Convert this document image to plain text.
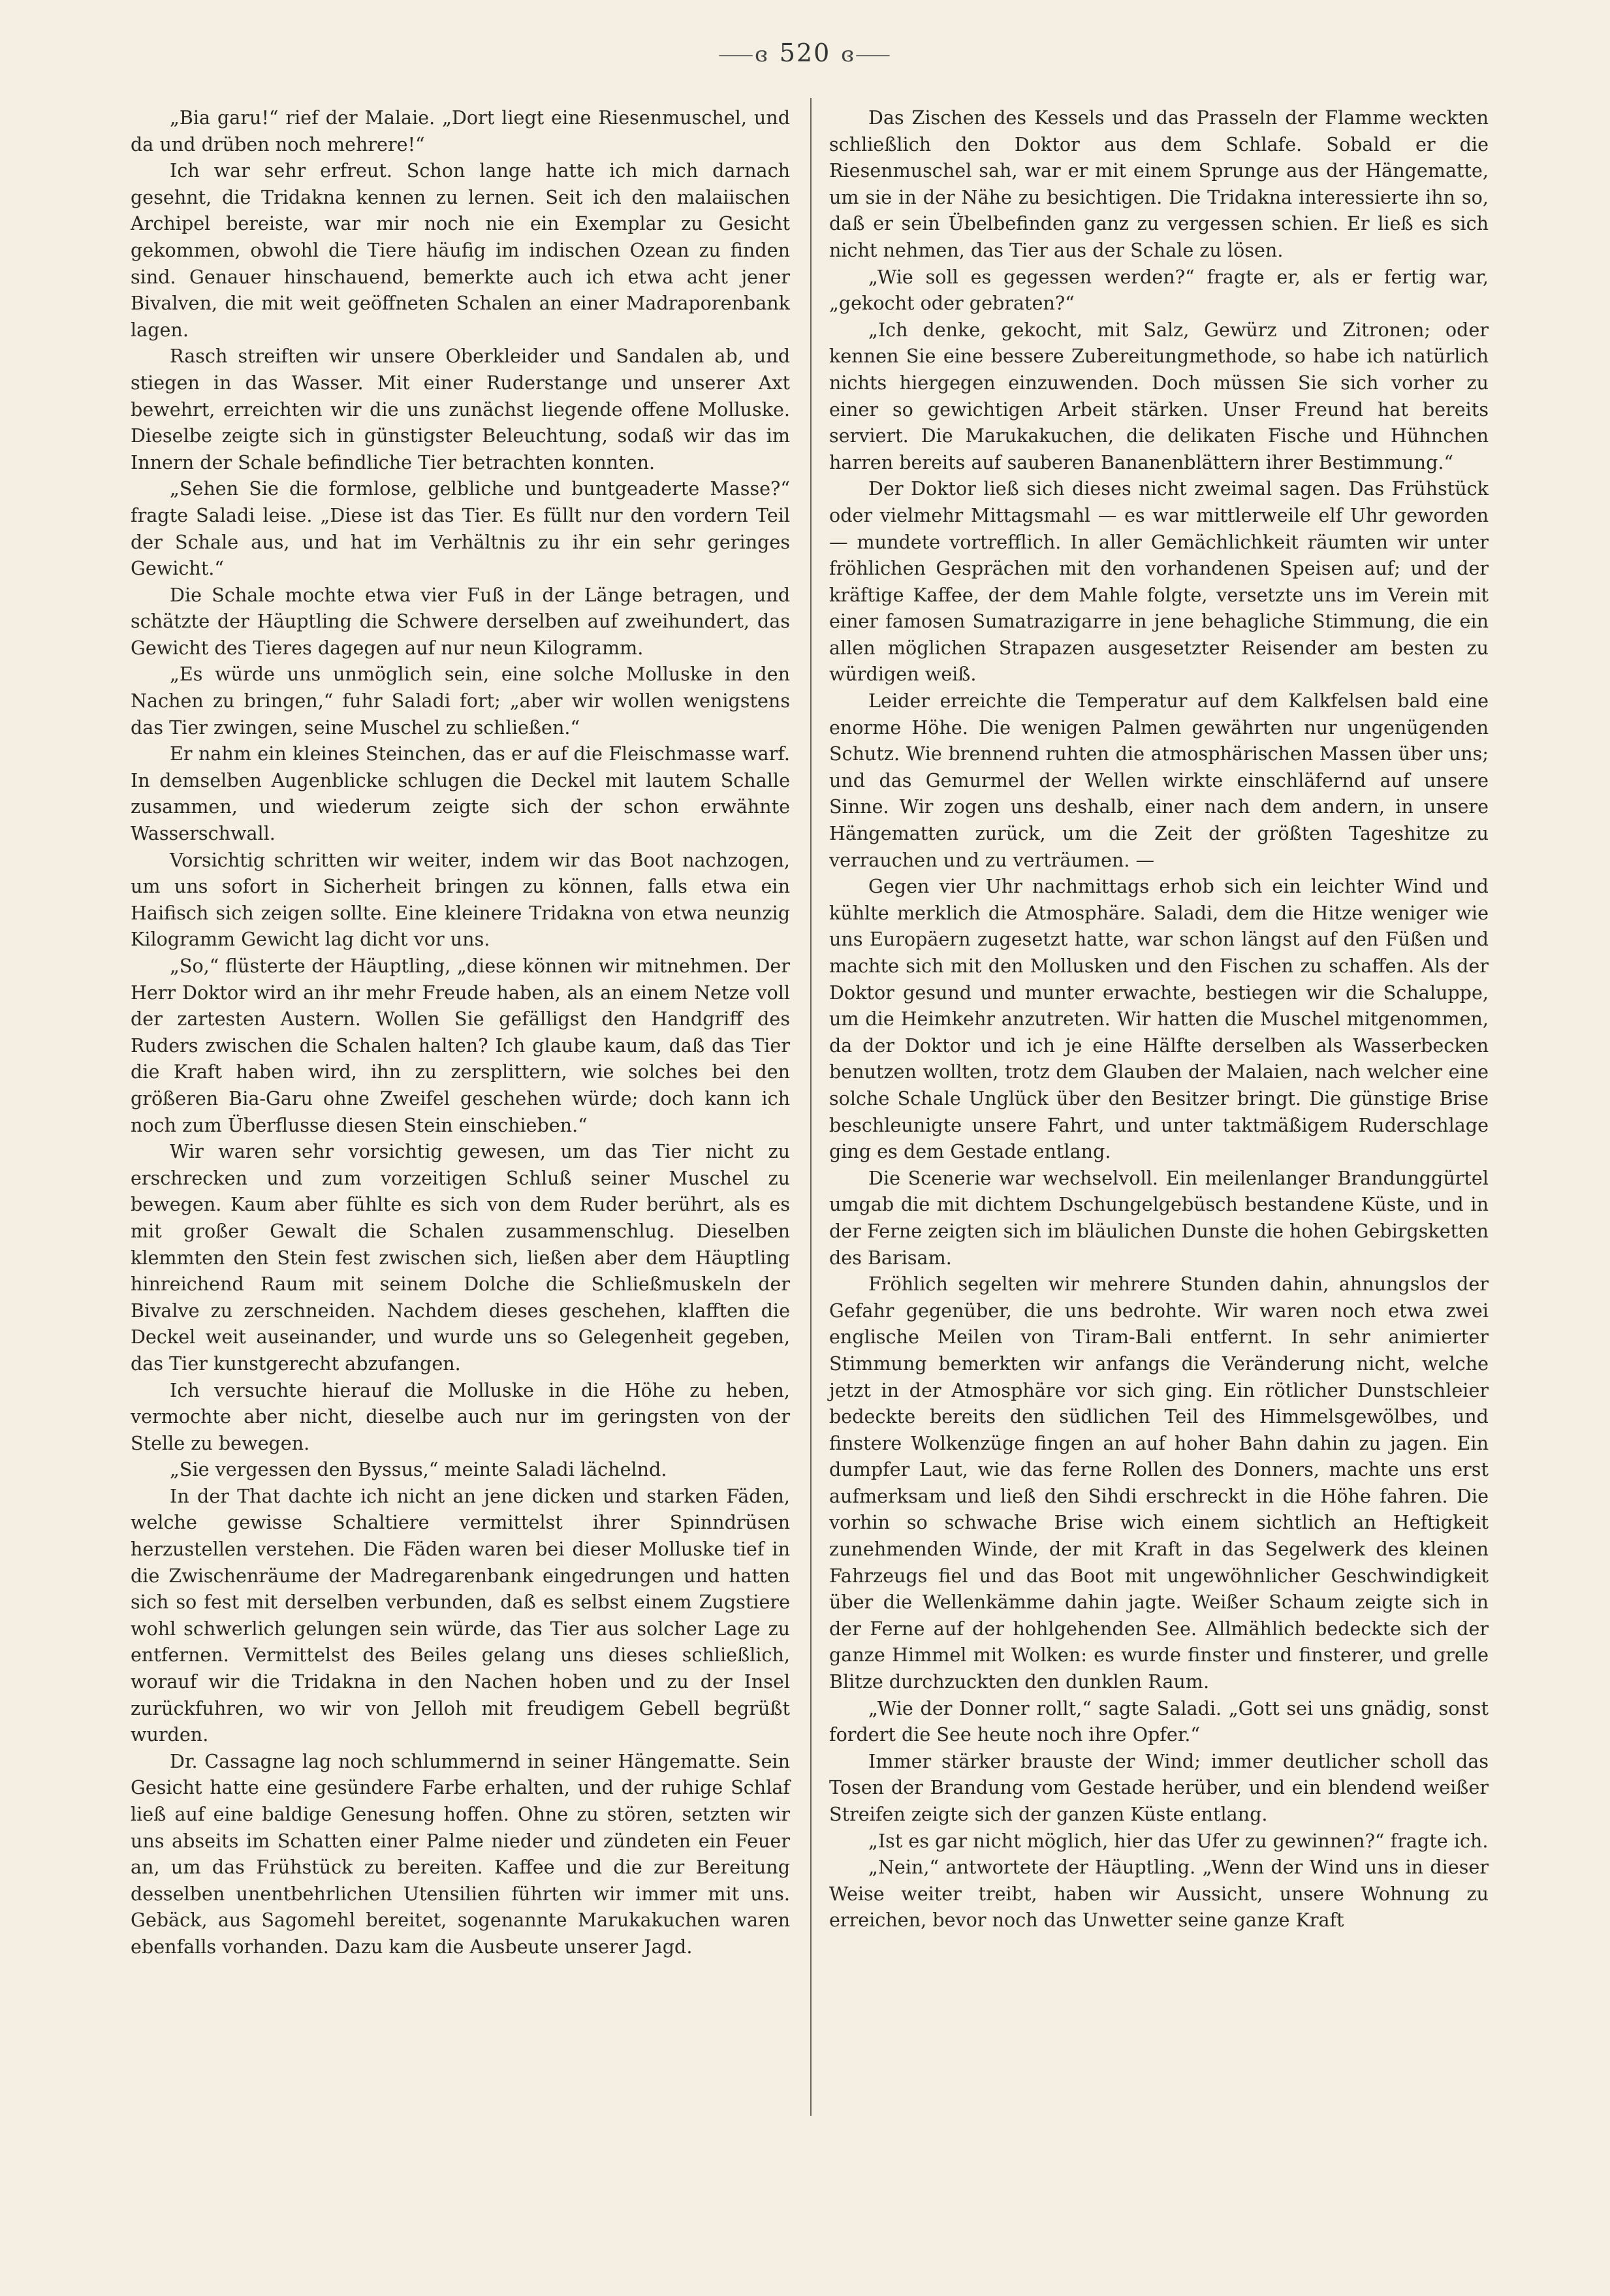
⸺ɞ 520 ɞ⸺

„Bia garu!“ rief der Malaie. „Dort liegt eine Riesenmuschel, und da und drüben noch mehrere!“

Ich war sehr erfreut. Schon lange hatte ich mich darnach gesehnt, die Tridakna kennen zu lernen. Seit ich den malaiischen Archipel bereiste, war mir noch nie ein Exemplar zu Gesicht gekommen, obwohl die Tiere häufig im indischen Ozean zu finden sind. Genauer hinschauend, bemerkte auch ich etwa acht jener Bivalven, die mit weit geöffneten Schalen an einer Madraporenbank lagen.

Rasch streiften wir unsere Oberkleider und Sandalen ab, und stiegen in das Wasser. Mit einer Ruderstange und unserer Axt bewehrt, erreichten wir die uns zunächst liegende offene Molluske. Dieselbe zeigte sich in günstigster Beleuchtung, sodaß wir das im Innern der Schale befindliche Tier betrachten konnten.

„Sehen Sie die formlose, gelbliche und buntgeaderte Masse?“ fragte Saladi leise. „Diese ist das Tier. Es füllt nur den vordern Teil der Schale aus, und hat im Verhältnis zu ihr ein sehr geringes Gewicht.“

Die Schale mochte etwa vier Fuß in der Länge betragen, und schätzte der Häuptling die Schwere derselben auf zweihundert, das Gewicht des Tieres dagegen auf nur neun Kilogramm.

„Es würde uns unmöglich sein, eine solche Molluske in den Nachen zu bringen,“ fuhr Saladi fort; „aber wir wollen wenigstens das Tier zwingen, seine Muschel zu schließen.“

Er nahm ein kleines Steinchen, das er auf die Fleischmasse warf. In demselben Augenblicke schlugen die Deckel mit lautem Schalle zusammen, und wiederum zeigte sich der schon erwähnte Wasserschwall.

Vorsichtig schritten wir weiter, indem wir das Boot nachzogen, um uns sofort in Sicherheit bringen zu können, falls etwa ein Haifisch sich zeigen sollte. Eine kleinere Tridakna von etwa neunzig Kilogramm Gewicht lag dicht vor uns.

„So,“ flüsterte der Häuptling, „diese können wir mitnehmen. Der Herr Doktor wird an ihr mehr Freude haben, als an einem Netze voll der zartesten Austern. Wollen Sie gefälligst den Handgriff des Ruders zwischen die Schalen halten? Ich glaube kaum, daß das Tier die Kraft haben wird, ihn zu zersplittern, wie solches bei den größeren Bia-Garu ohne Zweifel geschehen würde; doch kann ich noch zum Überflusse diesen Stein einschieben.“

Wir waren sehr vorsichtig gewesen, um das Tier nicht zu erschrecken und zum vorzeitigen Schluß seiner Muschel zu bewegen. Kaum aber fühlte es sich von dem Ruder berührt, als es mit großer Gewalt die Schalen zusammenschlug. Dieselben klemmten den Stein fest zwischen sich, ließen aber dem Häuptling hinreichend Raum mit seinem Dolche die Schließmuskeln der Bivalve zu zerschneiden. Nachdem dieses geschehen, klafften die Deckel weit auseinander, und wurde uns so Gelegenheit gegeben, das Tier kunstgerecht abzufangen.

Ich versuchte hierauf die Molluske in die Höhe zu heben, vermochte aber nicht, dieselbe auch nur im geringsten von der Stelle zu bewegen.

„Sie vergessen den Byssus,“ meinte Saladi lächelnd.

In der That dachte ich nicht an jene dicken und starken Fäden, welche gewisse Schaltiere vermittelst ihrer Spinndrüsen herzustellen verstehen. Die Fäden waren bei dieser Molluske tief in die Zwischenräume der Madregarenbank eingedrungen und hatten sich so fest mit derselben verbunden, daß es selbst einem Zugstiere wohl schwerlich gelungen sein würde, das Tier aus solcher Lage zu entfernen. Vermittelst des Beiles gelang uns dieses schließlich, worauf wir die Tridakna in den Nachen hoben und zu der Insel zurückfuhren, wo wir von Jelloh mit freudigem Gebell begrüßt wurden.

Dr. Cassagne lag noch schlummernd in seiner Hängematte. Sein Gesicht hatte eine gesündere Farbe erhalten, und der ruhige Schlaf ließ auf eine baldige Genesung hoffen. Ohne zu stören, setzten wir uns abseits im Schatten einer Palme nieder und zündeten ein Feuer an, um das Frühstück zu bereiten. Kaffee und die zur Bereitung desselben unentbehrlichen Utensilien führten wir immer mit uns. Gebäck, aus Sagomehl bereitet, sogenannte Marukakuchen waren ebenfalls vorhanden. Dazu kam die Ausbeute unserer Jagd.

Das Zischen des Kessels und das Prasseln der Flamme weckten schließlich den Doktor aus dem Schlafe. Sobald er die Riesenmuschel sah, war er mit einem Sprunge aus der Hängematte, um sie in der Nähe zu besichtigen. Die Tridakna interessierte ihn so, daß er sein Übelbefinden ganz zu vergessen schien. Er ließ es sich nicht nehmen, das Tier aus der Schale zu lösen.

„Wie soll es gegessen werden?“ fragte er, als er fertig war, „gekocht oder gebraten?“

„Ich denke, gekocht, mit Salz, Gewürz und Zitronen; oder kennen Sie eine bessere Zubereitungmethode, so habe ich natürlich nichts hiergegen einzuwenden. Doch müssen Sie sich vorher zu einer so gewichtigen Arbeit stärken. Unser Freund hat bereits serviert. Die Marukakuchen, die delikaten Fische und Hühnchen harren bereits auf sauberen Bananenblättern ihrer Bestimmung.“

Der Doktor ließ sich dieses nicht zweimal sagen. Das Frühstück oder vielmehr Mittagsmahl — es war mittlerweile elf Uhr geworden — mundete vortrefflich. In aller Gemächlichkeit räumten wir unter fröhlichen Gesprächen mit den vorhandenen Speisen auf; und der kräftige Kaffee, der dem Mahle folgte, versetzte uns im Verein mit einer famosen Sumatrazigarre in jene behagliche Stimmung, die ein allen möglichen Strapazen ausgesetzter Reisender am besten zu würdigen weiß.

Leider erreichte die Temperatur auf dem Kalkfelsen bald eine enorme Höhe. Die wenigen Palmen gewährten nur ungenügenden Schutz. Wie brennend ruhten die atmosphärischen Massen über uns; und das Gemurmel der Wellen wirkte einschläfernd auf unsere Sinne. Wir zogen uns deshalb, einer nach dem andern, in unsere Hängematten zurück, um die Zeit der größten Tageshitze zu verrauchen und zu verträumen. —

Gegen vier Uhr nachmittags erhob sich ein leichter Wind und kühlte merklich die Atmosphäre. Saladi, dem die Hitze weniger wie uns Europäern zugesetzt hatte, war schon längst auf den Füßen und machte sich mit den Mollusken und den Fischen zu schaffen. Als der Doktor gesund und munter erwachte, bestiegen wir die Schaluppe, um die Heimkehr anzutreten. Wir hatten die Muschel mitgenommen, da der Doktor und ich je eine Hälfte derselben als Wasserbecken benutzen wollten, trotz dem Glauben der Malaien, nach welcher eine solche Schale Unglück über den Besitzer bringt. Die günstige Brise beschleunigte unsere Fahrt, und unter taktmäßigem Ruderschlage ging es dem Gestade entlang.

Die Scenerie war wechselvoll. Ein meilenlanger Brandunggürtel umgab die mit dichtem Dschungelgebüsch bestandene Küste, und in der Ferne zeigten sich im bläulichen Dunste die hohen Gebirgsketten des Barisam.

Fröhlich segelten wir mehrere Stunden dahin, ahnungslos der Gefahr gegenüber, die uns bedrohte. Wir waren noch etwa zwei englische Meilen von Tiram-Bali entfernt. In sehr animierter Stimmung bemerkten wir anfangs die Veränderung nicht, welche jetzt in der Atmosphäre vor sich ging. Ein rötlicher Dunstschleier bedeckte bereits den südlichen Teil des Himmelsgewölbes, und finstere Wolkenzüge fingen an auf hoher Bahn dahin zu jagen. Ein dumpfer Laut, wie das ferne Rollen des Donners, machte uns erst aufmerksam und ließ den Sihdi erschreckt in die Höhe fahren. Die vorhin so schwache Brise wich einem sichtlich an Heftigkeit zunehmenden Winde, der mit Kraft in das Segelwerk des kleinen Fahrzeugs fiel und das Boot mit ungewöhnlicher Geschwindigkeit über die Wellenkämme dahin jagte. Weißer Schaum zeigte sich in der Ferne auf der hohlgehenden See. Allmählich bedeckte sich der ganze Himmel mit Wolken: es wurde finster und finsterer, und grelle Blitze durchzuckten den dunklen Raum.

„Wie der Donner rollt,“ sagte Saladi. „Gott sei uns gnädig, sonst fordert die See heute noch ihre Opfer.“

Immer stärker brauste der Wind; immer deutlicher scholl das Tosen der Brandung vom Gestade herüber, und ein blendend weißer Streifen zeigte sich der ganzen Küste entlang.

„Ist es gar nicht möglich, hier das Ufer zu gewinnen?“ fragte ich.

„Nein,“ antwortete der Häuptling. „Wenn der Wind uns in dieser Weise weiter treibt, haben wir Aussicht, unsere Wohnung zu erreichen, bevor noch das Unwetter seine ganze Kraft
